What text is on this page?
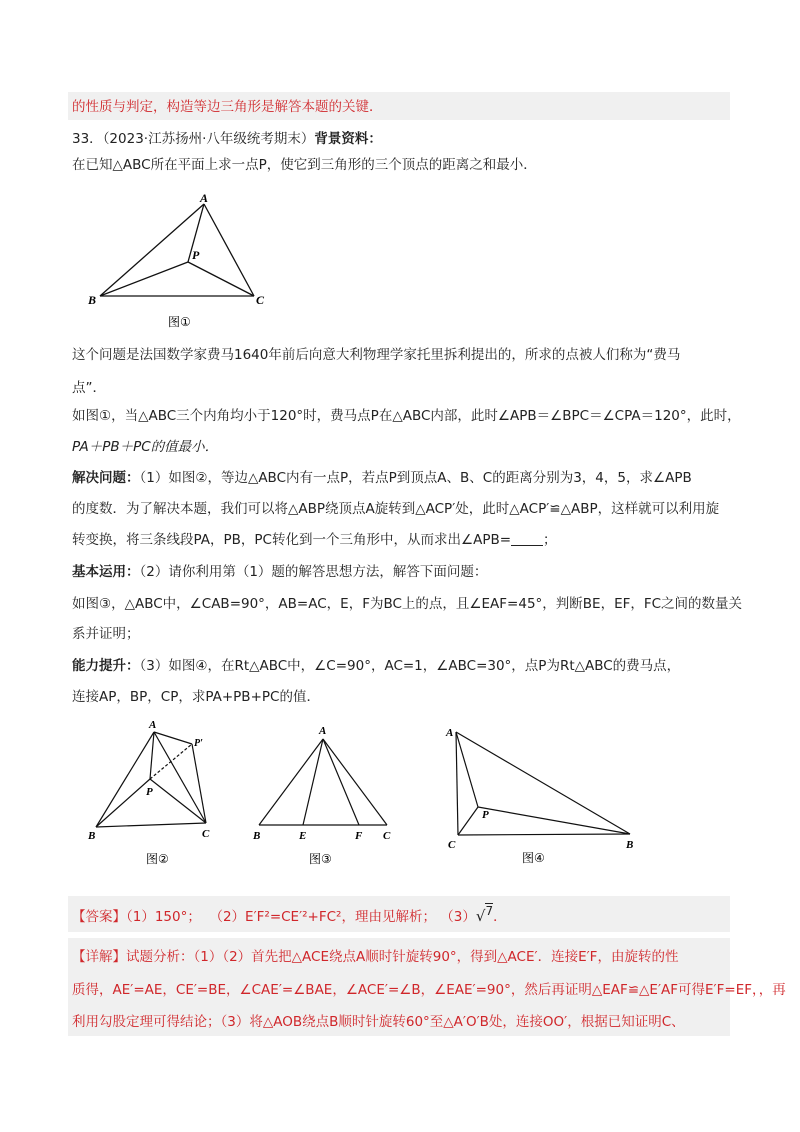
的性质与判定，构造等边三角形是解答本题的关键．
33．（2023·江苏扬州·八年级统考期末）背景资料：
在已知△ABC所在平面上求一点P，使它到三角形的三个顶点的距离之和最小．
A
P
B	C
图①
这个问题是法国数学家费马1640年前后向意大利物理学家托里拆利提出的，所求的点被人们称为“费马
点”．
如图①，当△ABC三个内角均小于120°时，费马点P在△ABC内部，此时∠APB＝∠BPC＝∠CPA＝120°，此时，
PA＋PB＋PC的值最小．
解决问题：（1）如图②，等边△ABC内有一点P，若点P到顶点A、B、C的距离分别为3，4，5，求∠APB
的度数．为了解决本题，我们可以将△ABP绕顶点A旋转到△ACP′处，此时△ACP′≌△ABP，这样就可以利用旋
转变换，将三条线段PA，PB，PC转化到一个三角形中，从而求出∠APB= ；
基本运用：（2）请你利用第（1）题的解答思想方法，解答下面问题：
如图③，△ABC中，∠CAB=90°，AB=AC，E，F为BC上的点，且∠EAF=45°，判断BE，EF，FC之间的数量关
系并证明；
能力提升：（3）如图④，在Rt△ABC中，∠C=90°，AC=1，∠ABC=30°，点P为Rt△ABC的费马点，
连接AP，BP，CP，求PA+PB+PC的值．
A
P′
P
B	C
图②
A
B	E	F C
图③
A
P
C	B
图④
【答案】（1）150°； （2）E′F²=CE′²+FC²，理由见解析； （3）√7．
【详解】试题分析：（1）（2）首先把△ACE绕点A顺时针旋转90°，得到△ACE′．连接E′F，由旋转的性
质得，AE′=AE，CE′=BE，∠CAE′=∠BAE，∠ACE′=∠B，∠EAE′=90°，然后再证明△EAF≌△E′AF可得E′F=EF，，再
利用勾股定理可得结论；（3）将△AOB绕点B顺时针旋转60°至△A′O′B处，连接OO′，根据已知证明C、
